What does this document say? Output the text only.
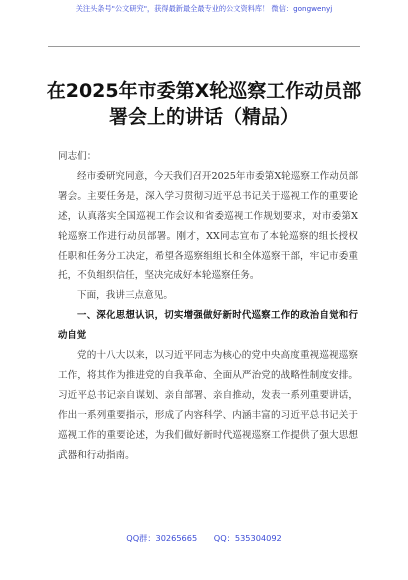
关注头条号"公文研究"，获得最新最全最专业的公文资料库！ 微信：gongwenyj
在2025年市委第X轮巡察工作动员部署会上的讲话（精品）

同志们：

经市委研究同意，今天我们召开2025年市委第X轮巡察工作动员部署会。主要任务是，深入学习贯彻习近平总书记关于巡视工作的重要论述，认真落实全国巡视工作会议和省委巡视工作规划要求，对市委第X轮巡察工作进行动员部署。刚才，XX同志宣布了本轮巡察的组长授权任职和任务分工决定，希望各巡察组组长和全体巡察干部，牢记市委重托，不负组织信任，坚决完成好本轮巡察任务。

下面，我讲三点意见。

一、深化思想认识，切实增强做好新时代巡察工作的政治自觉和行动自觉

党的十八大以来，以习近平同志为核心的党中央高度重视巡视巡察工作，将其作为推进党的自我革命、全面从严治党的战略性制度安排。习近平总书记亲自谋划、亲自部署、亲自推动，发表一系列重要讲话，作出一系列重要指示，形成了内容科学、内涵丰富的习近平总书记关于巡视工作的重要论述，为我们做好新时代巡视巡察工作提供了强大思想武器和行动指南。

QQ群：30265665 QQ：535304092
